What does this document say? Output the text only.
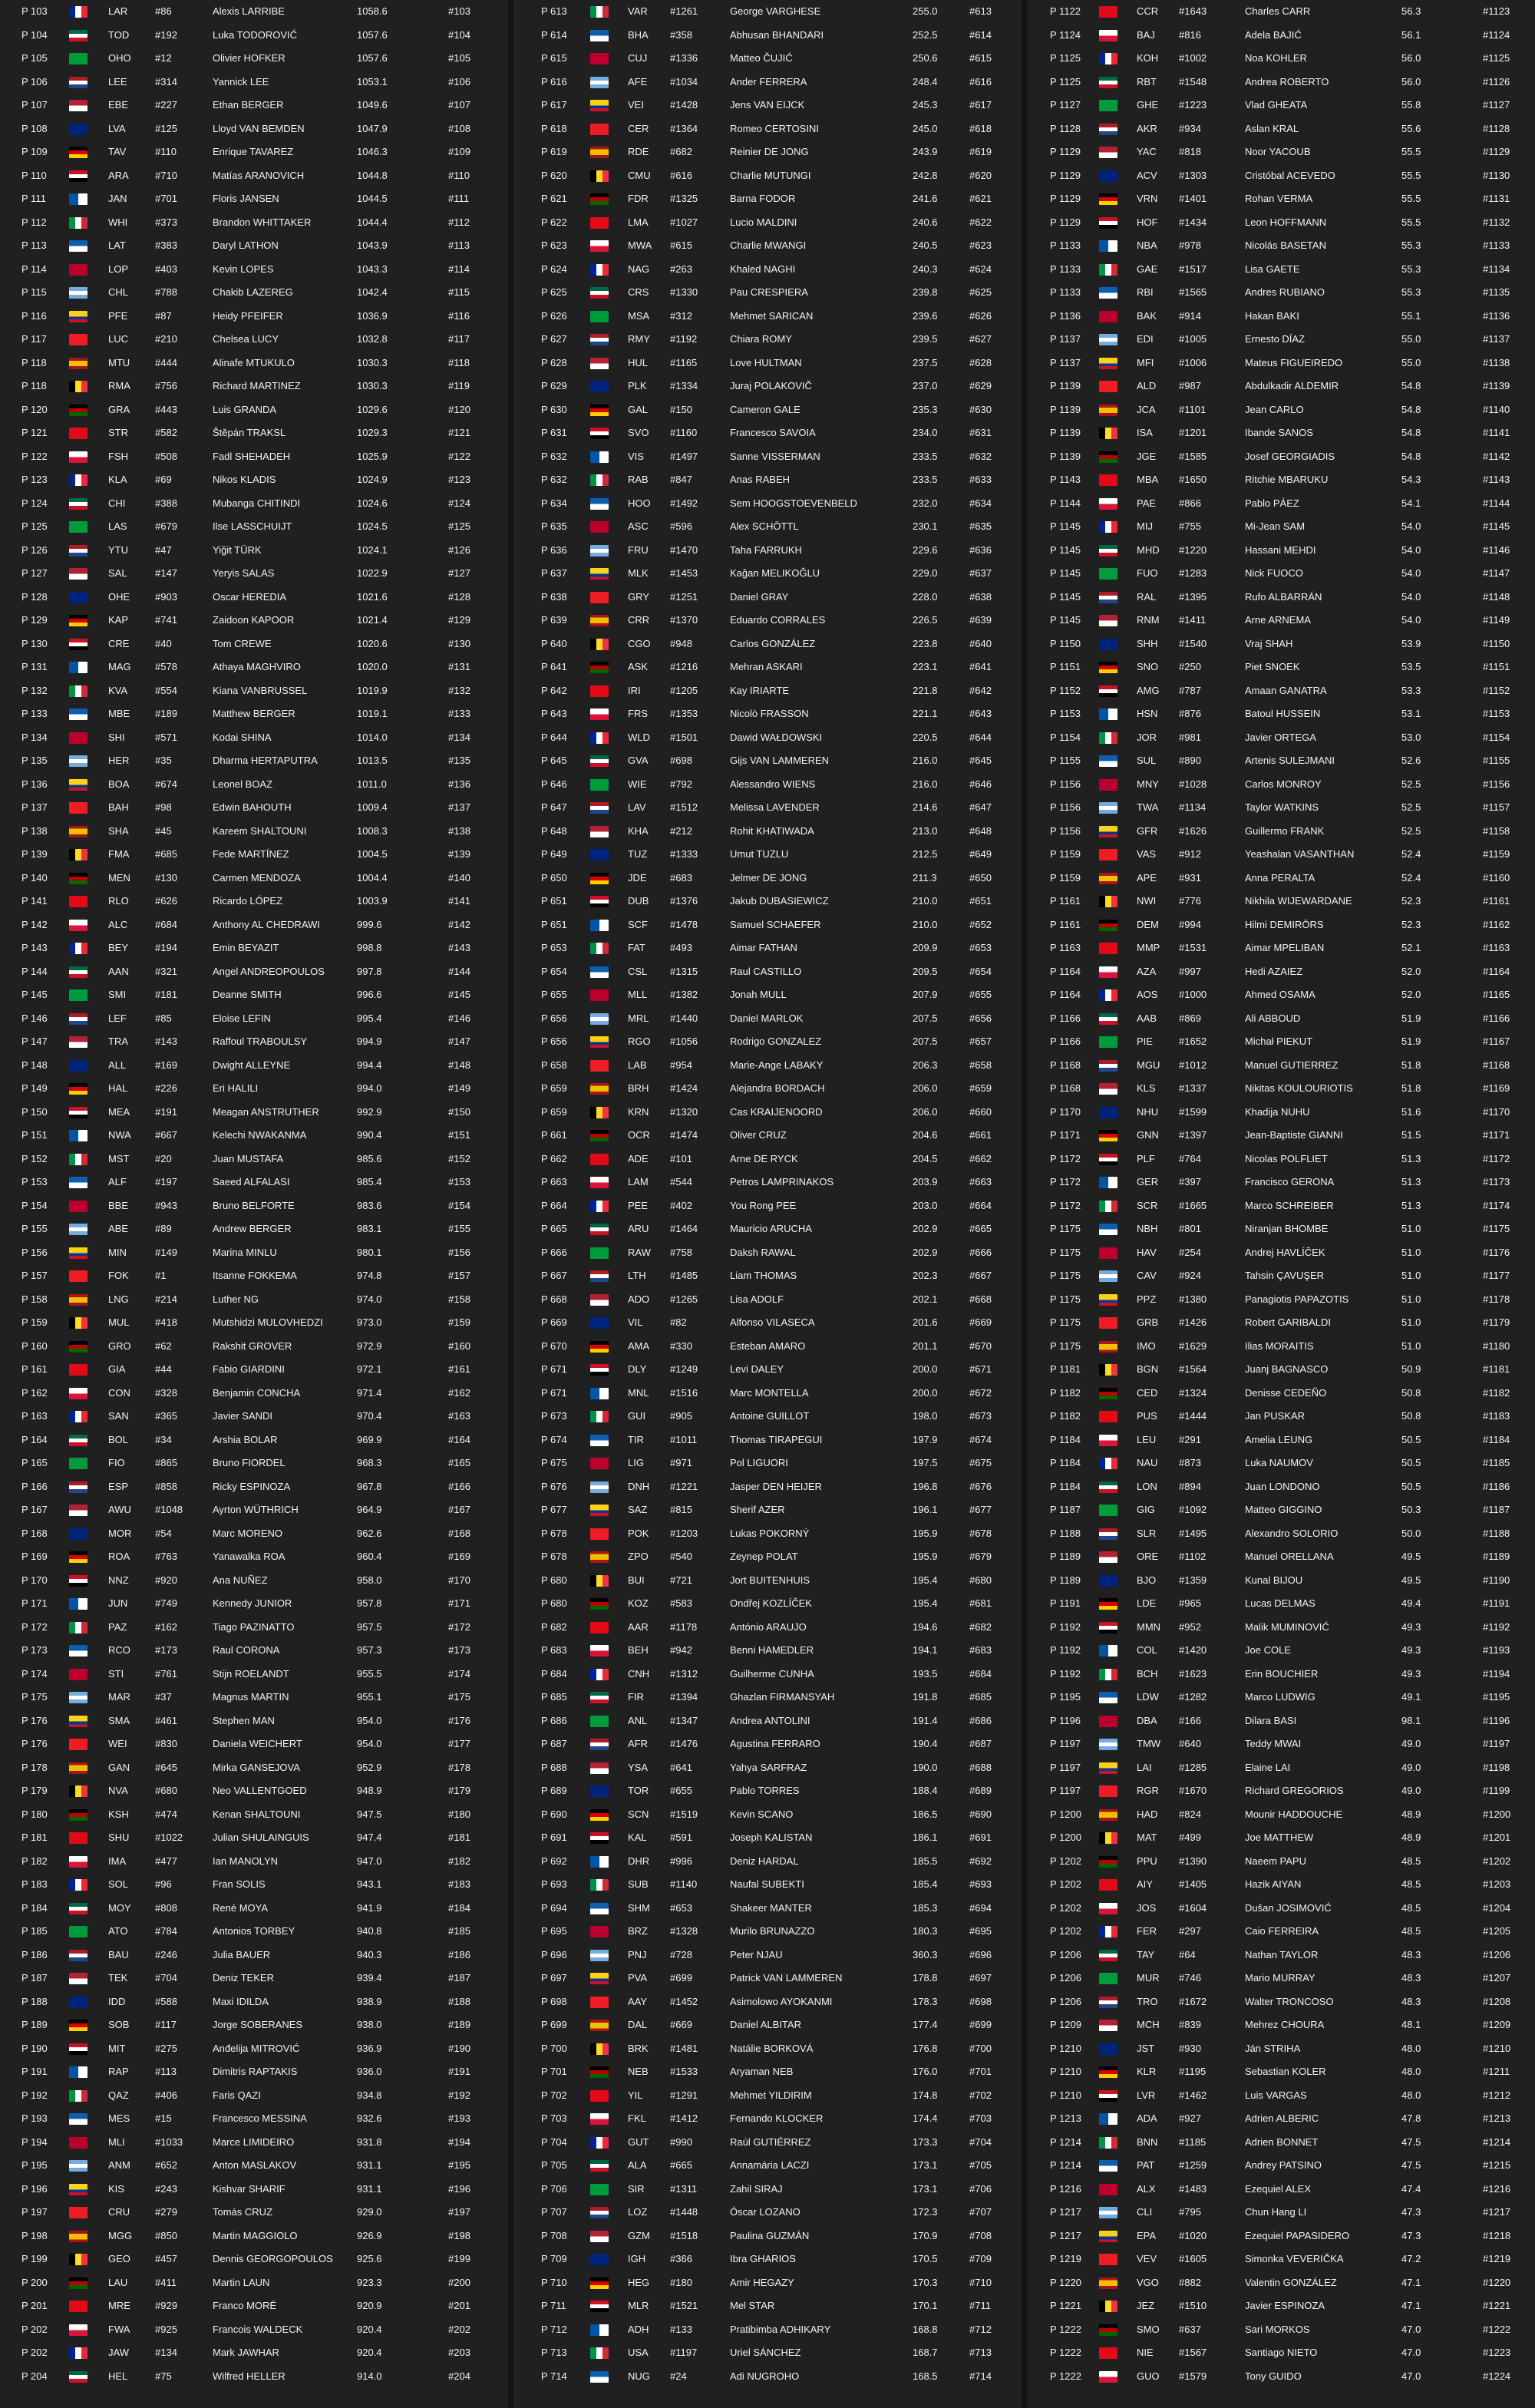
P 103	LAR	#86	Alexis LARRIBE	1058.6	#103
P 104	TOD	#192	Luka TODOROVIĆ	1057.6	#104
P 105	OHO	#12	Olivier HOFKER	1057.6	#105
P 106	LEE	#314	Yannick LEE	1053.1	#106
P 107	EBE	#227	Ethan BERGER	1049.6	#107
P 108	LVA	#125	Lloyd VAN BEMDEN	1047.9	#108
P 109	TAV	#110	Enrique TAVAREZ	1046.3	#109
P 110	ARA	#710	Matías ARANOVICH	1044.8	#110
P 111	JAN	#701	Floris JANSEN	1044.5	#111
P 112	WHI	#373	Brandon WHITTAKER	1044.4	#112
P 113	LAT	#383	Daryl LATHON	1043.9	#113
P 114	LOP	#403	Kevin LOPES	1043.3	#114
P 115	CHL	#788	Chakib LAZEREG	1042.4	#115
P 116	PFE	#87	Heidy PFEIFER	1036.9	#116
P 117	LUC	#210	Chelsea LUCY	1032.8	#117
P 118	MTU	#444	Alinafe MTUKULO	1030.3	#118
P 118	RMA	#756	Richard MARTINEZ	1030.3	#119
P 120	GRA	#443	Luis GRANDA	1029.6	#120
P 121	STR	#582	Štěpán TRAKSL	1029.3	#121
P 122	FSH	#508	Fadl SHEHADEH	1025.9	#122
P 123	KLA	#69	Nikos KLADIS	1024.9	#123
P 124	CHI	#388	Mubanga CHITINDI	1024.6	#124
P 125	LAS	#679	Ilse LASSCHUIJT	1024.5	#125
P 126	YTU	#47	Yiğit TÜRK	1024.1	#126
P 127	SAL	#147	Yeryis SALAS	1022.9	#127
P 128	OHE	#903	Oscar HEREDIA	1021.6	#128
P 129	KAP	#741	Zaidoon KAPOOR	1021.4	#129
P 130	CRE	#40	Tom CREWE	1020.6	#130
P 131	MAG	#578	Athaya MAGHVIRO	1020.0	#131
P 132	KVA	#554	Kiana VANBRUSSEL	1019.9	#132
P 133	MBE	#189	Matthew BERGER	1019.1	#133
P 134	SHI	#571	Kodai SHINA	1014.0	#134
P 135	HER	#35	Dharma HERTAPUTRA	1013.5	#135
P 136	BOA	#674	Leonel BOAZ	1011.0	#136
P 137	BAH	#98	Edwin BAHOUTH	1009.4	#137
P 138	SHA	#45	Kareem SHALTOUNI	1008.3	#138
P 139	FMA	#685	Fede MARTÍNEZ	1004.5	#139
P 140	MEN	#130	Carmen MENDOZA	1004.4	#140
P 141	RLO	#626	Ricardo LÓPEZ	1003.9	#141
P 142	ALC	#684	Anthony AL CHEDRAWI	999.6	#142
P 143	BEY	#194	Emin BEYAZIT	998.8	#143
P 144	AAN	#321	Angel ANDREOPOULOS	997.8	#144
P 145	SMI	#181	Deanne SMITH	996.6	#145
P 146	LEF	#85	Eloise LEFIN	995.4	#146
P 147	TRA	#143	Raffoul TRABOULSY	994.9	#147
P 148	ALL	#169	Dwight ALLEYNE	994.4	#148
P 149	HAL	#226	Eri HALILI	994.0	#149
P 150	MEA	#191	Meagan ANSTRUTHER	992.9	#150
P 151	NWA	#667	Kelechi NWAKANMA	990.4	#151
P 152	MST	#20	Juan MUSTAFA	985.6	#152
P 153	ALF	#197	Saeed ALFALASI	985.4	#153
P 154	BBE	#943	Bruno BELFORTE	983.6	#154
P 155	ABE	#89	Andrew BERGER	983.1	#155
P 156	MIN	#149	Marina MINLU	980.1	#156
P 157	FOK	#1	Itsanne FOKKEMA	974.8	#157
P 158	LNG	#214	Luther NG	974.0	#158
P 159	MUL	#418	Mutshidzi MULOVHEDZI	973.0	#159
P 160	GRO	#62	Rakshit GROVER	972.9	#160
P 161	GIA	#44	Fabio GIARDINI	972.1	#161
P 162	CON	#328	Benjamin CONCHA	971.4	#162
P 163	SAN	#365	Javier SANDI	970.4	#163
P 164	BOL	#34	Arshia BOLAR	969.9	#164
P 165	FIO	#865	Bruno FIORDEL	968.3	#165
P 166	ESP	#858	Ricky ESPINOZA	967.8	#166
P 167	AWU	#1048	Ayrton WÜTHRICH	964.9	#167
P 168	MOR	#54	Marc MORENO	962.6	#168
P 169	ROA	#763	Yanawalka ROA	960.4	#169
P 170	NNZ	#920	Ana NUÑEZ	958.0	#170
P 171	JUN	#749	Kennedy JUNIOR	957.8	#171
P 172	PAZ	#162	Tiago PAZINATTO	957.5	#172
P 173	RCO	#173	Raul CORONA	957.3	#173
P 174	STI	#761	Stijn ROELANDT	955.5	#174
P 175	MAR	#37	Magnus MARTIN	955.1	#175
P 176	SMA	#461	Stephen MAN	954.0	#176
P 176	WEI	#830	Daniela WEICHERT	954.0	#177
P 178	GAN	#645	Mirka GANSEJOVA	952.9	#178
P 179	NVA	#680	Neo VALLENTGOED	948.9	#179
P 180	KSH	#474	Kenan SHALTOUNI	947.5	#180
P 181	SHU	#1022	Julian SHULAINGUIS	947.4	#181
P 182	IMA	#477	Ian MANOLYN	947.0	#182
P 183	SOL	#96	Fran SOLIS	943.1	#183
P 184	MOY	#808	René MOYA	941.9	#184
P 185	ATO	#784	Antonios TORBEY	940.8	#185
P 186	BAU	#246	Julia BAUER	940.3	#186
P 187	TEK	#704	Deniz TEKER	939.4	#187
P 188	IDD	#588	Maxi IDILDA	938.9	#188
P 189	SOB	#117	Jorge SOBERANES	938.0	#189
P 190	MIT	#275	Anđelija MITROVIĆ	936.9	#190
P 191	RAP	#113	Dimitris RAPTAKIS	936.0	#191
P 192	QAZ	#406	Faris QAZI	934.8	#192
P 193	MES	#15	Francesco MESSINA	932.6	#193
P 194	MLI	#1033	Marce LIMIDEIRO	931.8	#194
P 195	ANM	#652	Anton MASLAKOV	931.1	#195
P 196	KIS	#243	Kishvar SHARIF	931.1	#196
P 197	CRU	#279	Tomás CRUZ	929.0	#197
P 198	MGG	#850	Martin MAGGIOLO	926.9	#198
P 199	GEO	#457	Dennis GEORGOPOULOS	925.6	#199
P 200	LAU	#411	Martin LAUN	923.3	#200
P 201	MRE	#929	Franco MORÉ	920.9	#201
P 202	FWA	#925	Francois WALDECK	920.4	#202
P 202	JAW	#134	Mark JAWHAR	920.4	#203
P 204	HEL	#75	Wilfred HELLER	914.0	#204
P 613	VAR	#1261	George VARGHESE	255.0	#613
P 614	BHA	#358	Abhusan BHANDARI	252.5	#614
P 615	CUJ	#1336	Matteo ČUJIĆ	250.6	#615
P 616	AFE	#1034	Ander FERRERA	248.4	#616
P 617	VEI	#1428	Jens VAN EIJCK	245.3	#617
P 618	CER	#1364	Romeo CERTOSINI	245.0	#618
P 619	RDE	#682	Reinier DE JONG	243.9	#619
P 620	CMU	#616	Charlie MUTUNGI	242.8	#620
P 621	FDR	#1325	Barna FODOR	241.6	#621
P 622	LMA	#1027	Lucio MALDINI	240.6	#622
P 623	MWA	#615	Charlie MWANGI	240.5	#623
P 624	NAG	#263	Khaled NAGHI	240.3	#624
P 625	CRS	#1330	Pau CRESPIERA	239.8	#625
P 626	MSA	#312	Mehmet SARICAN	239.6	#626
P 627	RMY	#1192	Chiara ROMY	239.5	#627
P 628	HUL	#1165	Love HULTMAN	237.5	#628
P 629	PLK	#1334	Juraj POLAKOVIČ	237.0	#629
P 630	GAL	#150	Cameron GALE	235.3	#630
P 631	SVO	#1160	Francesco SAVOIA	234.0	#631
P 632	VIS	#1497	Sanne VISSERMAN	233.5	#632
P 632	RAB	#847	Anas RABEH	233.5	#633
P 634	HOO	#1492	Sem HOOGSTOEVENBELD	232.0	#634
P 635	ASC	#596	Alex SCHÖTTL	230.1	#635
P 636	FRU	#1470	Taha FARRUKH	229.6	#636
P 637	MLK	#1453	Kağan MELIKOĞLU	229.0	#637
P 638	GRY	#1251	Daniel GRAY	228.0	#638
P 639	CRR	#1370	Eduardo CORRALES	226.5	#639
P 640	CGO	#948	Carlos GONZÁLEZ	223.8	#640
P 641	ASK	#1216	Mehran ASKARI	223.1	#641
P 642	IRI	#1205	Kay IRIARTE	221.8	#642
P 643	FRS	#1353	Nicolò FRASSON	221.1	#643
P 644	WLD	#1501	Dawid WAŁDOWSKI	220.5	#644
P 645	GVA	#698	Gijs VAN LAMMEREN	216.0	#645
P 646	WIE	#792	Alessandro WIENS	216.0	#646
P 647	LAV	#1512	Melissa LAVENDER	214.6	#647
P 648	KHA	#212	Rohit KHATIWADA	213.0	#648
P 649	TUZ	#1333	Umut TUZLU	212.5	#649
P 650	JDE	#683	Jelmer DE JONG	211.3	#650
P 651	DUB	#1376	Jakub DUBASIEWICZ	210.0	#651
P 651	SCF	#1478	Samuel SCHAEFER	210.0	#652
P 653	FAT	#493	Aimar FATHAN	209.9	#653
P 654	CSL	#1315	Raul CASTILLO	209.5	#654
P 655	MLL	#1382	Jonah MULL	207.9	#655
P 656	MRL	#1440	Daniel MARLOK	207.5	#656
P 656	RGO	#1056	Rodrigo GONZALEZ	207.5	#657
P 658	LAB	#954	Marie-Ange LABAKY	206.3	#658
P 659	BRH	#1424	Alejandra BORDACH	206.0	#659
P 659	KRN	#1320	Cas KRAIJENOORD	206.0	#660
P 661	OCR	#1474	Oliver CRUZ	204.6	#661
P 662	ADE	#101	Arne DE RYCK	204.5	#662
P 663	LAM	#544	Petros LAMPRINAKOS	203.9	#663
P 664	PEE	#402	You Rong PEE	203.0	#664
P 665	ARU	#1464	Mauricio ARUCHA	202.9	#665
P 666	RAW	#758	Daksh RAWAL	202.9	#666
P 667	LTH	#1485	Liam THOMAS	202.3	#667
P 668	ADO	#1265	Lisa ADOLF	202.1	#668
P 669	VIL	#82	Alfonso VILASECA	201.6	#669
P 670	AMA	#330	Esteban AMARO	201.1	#670
P 671	DLY	#1249	Levi DALEY	200.0	#671
P 671	MNL	#1516	Marc MONTELLA	200.0	#672
P 673	GUI	#905	Antoine GUILLOT	198.0	#673
P 674	TIR	#1011	Thomas TIRAPEGUI	197.9	#674
P 675	LIG	#971	Pol LIGUORI	197.5	#675
P 676	DNH	#1221	Jasper DEN HEIJER	196.8	#676
P 677	SAZ	#815	Sherif AZER	196.1	#677
P 678	POK	#1203	Lukas POKORNÝ	195.9	#678
P 678	ZPO	#540	Zeynep POLAT	195.9	#679
P 680	BUI	#721	Jort BUITENHUIS	195.4	#680
P 680	KOZ	#583	Ondřej KOZLÍČEK	195.4	#681
P 682	AAR	#1178	António ARAUJO	194.6	#682
P 683	BEH	#942	Benni HAMEDLER	194.1	#683
P 684	CNH	#1312	Guilherme CUNHA	193.5	#684
P 685	FIR	#1394	Ghazlan FIRMANSYAH	191.8	#685
P 686	ANL	#1347	Andrea ANTOLINI	191.4	#686
P 687	AFR	#1476	Agustina FERRARO	190.4	#687
P 688	YSA	#641	Yahya SARFRAZ	190.0	#688
P 689	TOR	#655	Pablo TORRES	188.4	#689
P 690	SCN	#1519	Kevin SCANO	186.5	#690
P 691	KAL	#591	Joseph KALISTAN	186.1	#691
P 692	DHR	#996	Deniz HARDAL	185.5	#692
P 693	SUB	#1140	Naufal SUBEKTI	185.4	#693
P 694	SHM	#653	Shakeer MANTER	185.3	#694
P 695	BRZ	#1328	Murilo BRUNAZZO	180.3	#695
P 696	PNJ	#728	Peter NJAU	360.3	#696
P 697	PVA	#699	Patrick VAN LAMMEREN	178.8	#697
P 698	AAY	#1452	Asimolowo AYOKANMI	178.3	#698
P 699	DAL	#669	Daniel ALBITAR	177.4	#699
P 700	BRK	#1481	Natálie BORKOVÁ	176.8	#700
P 701	NEB	#1533	Aryaman NEB	176.0	#701
P 702	YIL	#1291	Mehmet YILDIRIM	174.8	#702
P 703	FKL	#1412	Fernando KLOCKER	174.4	#703
P 704	GUT	#990	Raúl GUTIÉRREZ	173.3	#704
P 705	ALA	#665	Annamária LACZI	173.1	#705
P 706	SIR	#1311	Zahil SIRAJ	173.1	#706
P 707	LOZ	#1448	Óscar LOZANO	172.3	#707
P 708	GZM	#1518	Paulina GUZMÁN	170.9	#708
P 709	IGH	#366	Ibra GHARIOS	170.5	#709
P 710	HEG	#180	Amir HEGAZY	170.3	#710
P 711	MLR	#1521	Mel STAR	170.1	#711
P 712	ADH	#133	Pratibimba ADHIKARY	168.8	#712
P 713	USA	#1197	Uriel SÁNCHEZ	168.7	#713
P 714	NUG	#24	Adi NUGROHO	168.5	#714
P 1122	CCR	#1643	Charles CARR	56.3	#1123
P 1124	BAJ	#816	Adela BAJIĆ	56.1	#1124
P 1125	KOH	#1002	Noa KOHLER	56.0	#1125
P 1125	RBT	#1548	Andrea ROBERTO	56.0	#1126
P 1127	GHE	#1223	Vlad GHEATA	55.8	#1127
P 1128	AKR	#934	Aslan KRAL	55.6	#1128
P 1129	YAC	#818	Noor YACOUB	55.5	#1129
P 1129	ACV	#1303	Cristóbal ACEVEDO	55.5	#1130
P 1129	VRN	#1401	Rohan VERMA	55.5	#1131
P 1129	HOF	#1434	Leon HOFFMANN	55.5	#1132
P 1133	NBA	#978	Nicolás BASETAN	55.3	#1133
P 1133	GAE	#1517	Lisa GAETE	55.3	#1134
P 1133	RBI	#1565	Andres RUBIANO	55.3	#1135
P 1136	BAK	#914	Hakan BAKI	55.1	#1136
P 1137	EDI	#1005	Ernesto DÍAZ	55.0	#1137
P 1137	MFI	#1006	Mateus FIGUEIREDO	55.0	#1138
P 1139	ALD	#987	Abdulkadir ALDEMIR	54.8	#1139
P 1139	JCA	#1101	Jean CARLO	54.8	#1140
P 1139	ISA	#1201	Ibande SANOS	54.8	#1141
P 1139	JGE	#1585	Josef GEORGIADIS	54.8	#1142
P 1143	MBA	#1650	Ritchie MBARUKU	54.3	#1143
P 1144	PAE	#866	Pablo PÁEZ	54.1	#1144
P 1145	MIJ	#755	Mi-Jean SAM	54.0	#1145
P 1145	MHD	#1220	Hassani MEHDI	54.0	#1146
P 1145	FUO	#1283	Nick FUOCO	54.0	#1147
P 1145	RAL	#1395	Rufo ALBARRÁN	54.0	#1148
P 1145	RNM	#1411	Arne ARNEMA	54.0	#1149
P 1150	SHH	#1540	Vraj SHAH	53.9	#1150
P 1151	SNO	#250	Piet SNOEK	53.5	#1151
P 1152	AMG	#787	Amaan GANATRA	53.3	#1152
P 1153	HSN	#876	Batoul HUSSEIN	53.1	#1153
P 1154	JOR	#981	Javier ORTEGA	53.0	#1154
P 1155	SUL	#890	Artenis SULEJMANI	52.6	#1155
P 1156	MNY	#1028	Carlos MONROY	52.5	#1156
P 1156	TWA	#1134	Taylor WATKINS	52.5	#1157
P 1156	GFR	#1626	Guillermo FRANK	52.5	#1158
P 1159	VAS	#912	Yeashalan VASANTHAN	52.4	#1159
P 1159	APE	#931	Anna PERALTA	52.4	#1160
P 1161	NWI	#776	Nikhila WIJEWARDANE	52.3	#1161
P 1161	DEM	#994	Hilmi DEMIRÖRS	52.3	#1162
P 1163	MMP	#1531	Aimar MPELIBAN	52.1	#1163
P 1164	AZA	#997	Hedi AZAIEZ	52.0	#1164
P 1164	AOS	#1000	Ahmed OSAMA	52.0	#1165
P 1166	AAB	#869	Ali ABBOUD	51.9	#1166
P 1166	PIE	#1652	Michał PIEKUT	51.9	#1167
P 1168	MGU	#1012	Manuel GUTIERREZ	51.8	#1168
P 1168	KLS	#1337	Nikitas KOULOURIOTIS	51.8	#1169
P 1170	NHU	#1599	Khadija NUHU	51.6	#1170
P 1171	GNN	#1397	Jean-Baptiste GIANNI	51.5	#1171
P 1172	PLF	#764	Nicolas POLFLIET	51.3	#1172
P 1172	GER	#397	Francisco GERONA	51.3	#1173
P 1172	SCR	#1665	Marco SCHREIBER	51.3	#1174
P 1175	NBH	#801	Niranjan BHOMBE	51.0	#1175
P 1175	HAV	#254	Andrej HAVLÍČEK	51.0	#1176
P 1175	CAV	#924	Tahsin ÇAVUŞER	51.0	#1177
P 1175	PPZ	#1380	Panagiotis PAPAZOTIS	51.0	#1178
P 1175	GRB	#1426	Robert GARIBALDI	51.0	#1179
P 1175	IMO	#1629	Ilias MORAITIS	51.0	#1180
P 1181	BGN	#1564	Juanj BAGNASCO	50.9	#1181
P 1182	CED	#1324	Denisse CEDEÑO	50.8	#1182
P 1182	PUS	#1444	Jan PUSKAR	50.8	#1183
P 1184	LEU	#291	Amelia LEUNG	50.5	#1184
P 1184	NAU	#873	Luka NAUMOV	50.5	#1185
P 1184	LON	#894	Juan LONDONO	50.5	#1186
P 1187	GIG	#1092	Matteo GIGGINO	50.3	#1187
P 1188	SLR	#1495	Alexandro SOLORIO	50.0	#1188
P 1189	ORE	#1102	Manuel ORELLANA	49.5	#1189
P 1189	BJO	#1359	Kunal BIJOU	49.5	#1190
P 1191	LDE	#965	Lucas DELMAS	49.4	#1191
P 1192	MMN	#952	Malik MUMINOVIĆ	49.3	#1192
P 1192	COL	#1420	Joe COLE	49.3	#1193
P 1192	BCH	#1623	Erin BOUCHIER	49.3	#1194
P 1195	LDW	#1282	Marco LUDWIG	49.1	#1195
P 1196	DBA	#166	Dilara BASI	98.1	#1196
P 1197	TMW	#640	Teddy MWAI	49.0	#1197
P 1197	LAI	#1285	Elaine LAI	49.0	#1198
P 1197	RGR	#1670	Richard GREGORIOS	49.0	#1199
P 1200	HAD	#824	Mounir HADDOUCHE	48.9	#1200
P 1200	MAT	#499	Joe MATTHEW	48.9	#1201
P 1202	PPU	#1390	Naeem PAPU	48.5	#1202
P 1202	AIY	#1405	Hazik AIYAN	48.5	#1203
P 1202	JOS	#1604	Dušan JOSIMOVIĆ	48.5	#1204
P 1202	FER	#297	Caio FERREIRA	48.5	#1205
P 1206	TAY	#64	Nathan TAYLOR	48.3	#1206
P 1206	MUR	#746	Mario MURRAY	48.3	#1207
P 1206	TRO	#1672	Walter TRONCOSO	48.3	#1208
P 1209	MCH	#839	Mehrez CHOURA	48.1	#1209
P 1210	JST	#930	Ján STRIHA	48.0	#1210
P 1210	KLR	#1195	Sebastian KOLER	48.0	#1211
P 1210	LVR	#1462	Luis VARGAS	48.0	#1212
P 1213	ADA	#927	Adrien ALBERIC	47.8	#1213
P 1214	BNN	#1185	Adrien BONNET	47.5	#1214
P 1214	PAT	#1259	Andrey PATSINO	47.5	#1215
P 1216	ALX	#1483	Ezequiel ALEX	47.4	#1216
P 1217	CLI	#795	Chun Hang LI	47.3	#1217
P 1217	EPA	#1020	Ezequiel PAPASIDERO	47.3	#1218
P 1219	VEV	#1605	Simonka VEVERIČKA	47.2	#1219
P 1220	VGO	#882	Valentin GONZÁLEZ	47.1	#1220
P 1221	JEZ	#1510	Javier ESPINOZA	47.1	#1221
P 1222	SMO	#637	Sari MORKOS	47.0	#1222
P 1222	NIE	#1567	Santiago NIETO	47.0	#1223
P 1222	GUO	#1579	Tony GUIDO	47.0	#1224
